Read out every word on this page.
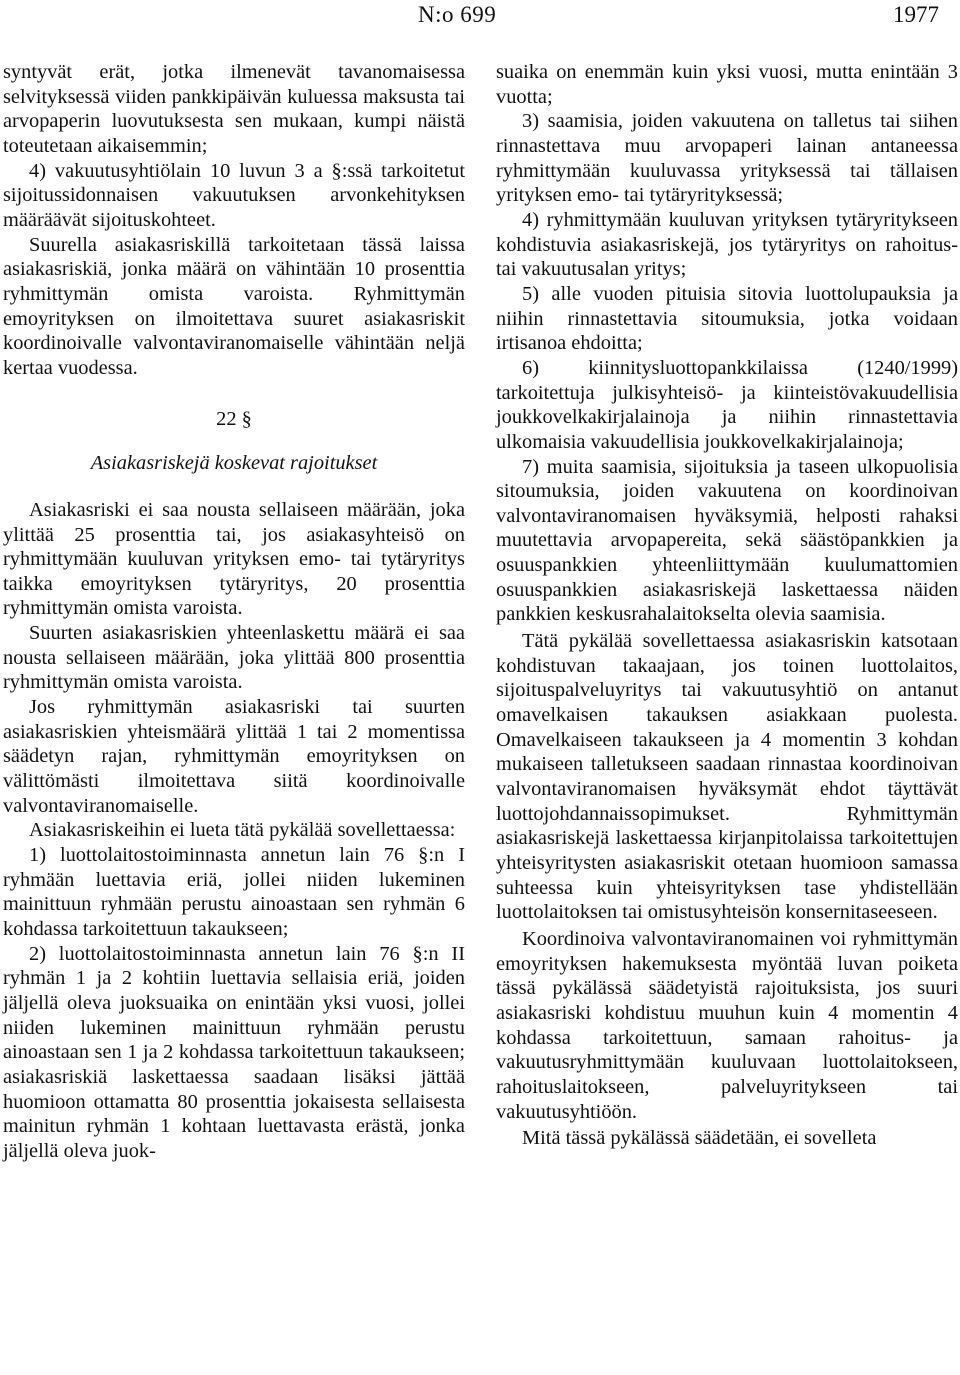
N:o 699	1977

syntyvät erät, jotka ilmenevät tavanomaisessa selvityksessä viiden pankkipäivän kuluessa maksusta tai arvopaperin luovutuksesta sen mukaan, kumpi näistä toteutetaan aikaisemmin;

4) vakuutusyhtiölain 10 luvun 3 a §:ssä tarkoitetut sijoitussidonnaisen vakuutuksen arvonkehityksen määräävät sijoituskohteet.

Suurella asiakasriskillä tarkoitetaan tässä laissa asiakasriskiä, jonka määrä on vähintään 10 prosenttia ryhmittymän omista varoista. Ryhmittymän emoyrityksen on ilmoitettava suuret asiakasriskit koordinoivalle valvontaviranomaiselle vähintään neljä kertaa vuodessa.

22 §

Asiakasriskejä koskevat rajoitukset

Asiakasriski ei saa nousta sellaiseen määrään, joka ylittää 25 prosenttia tai, jos asiakasyhteisö on ryhmittymään kuuluvan yrityksen emo- tai tytäryritys taikka emoyrityksen tytäryritys, 20 prosenttia ryhmittymän omista varoista.

Suurten asiakasriskien yhteenlaskettu määrä ei saa nousta sellaiseen määrään, joka ylittää 800 prosenttia ryhmittymän omista varoista.

Jos ryhmittymän asiakasriski tai suurten asiakasriskien yhteismäärä ylittää 1 tai 2 momentissa säädetyn rajan, ryhmittymän emoyrityksen on välittömästi ilmoitettava siitä koordinoivalle valvontaviranomaiselle.

Asiakasriskeihin ei lueta tätä pykälää sovellettaessa:

1) luottolaitostoiminnasta annetun lain 76 §:n I ryhmään luettavia eriä, jollei niiden lukeminen mainittuun ryhmään perustu ainoastaan sen ryhmän 6 kohdassa tarkoitettuun takaukseen;

2) luottolaitostoiminnasta annetun lain 76 §:n II ryhmän 1 ja 2 kohtiin luettavia sellaisia eriä, joiden jäljellä oleva juoksuaika on enintään yksi vuosi, jollei niiden lukeminen mainittuun ryhmään perustu ainoastaan sen 1 ja 2 kohdassa tarkoitettuun takaukseen; asiakasriskiä laskettaessa saadaan lisäksi jättää huomioon ottamatta 80 prosenttia jokaisesta sellaisesta mainitun ryhmän 1 kohtaan luettavasta erästä, jonka jäljellä oleva juok-

suaika on enemmän kuin yksi vuosi, mutta enintään 3 vuotta;

3) saamisia, joiden vakuutena on talletus tai siihen rinnastettava muu arvopaperi lainan antaneessa ryhmittymään kuuluvassa yrityksessä tai tällaisen yrityksen emo- tai tytäryrityksessä;

4) ryhmittymään kuuluvan yrityksen tytäryritykseen kohdistuvia asiakasriskejä, jos tytäryritys on rahoitus- tai vakuutusalan yritys;

5) alle vuoden pituisia sitovia luottolupauksia ja niihin rinnastettavia sitoumuksia, jotka voidaan irtisanoa ehdoitta;

6) kiinnitysluottopankkilaissa (1240/1999) tarkoitettuja julkisyhteisö- ja kiinteistövakuudellisia joukkovelkakirjalainoja ja niihin rinnastettavia ulkomaisia vakuudellisia joukkovelkakirjalainoja;

7) muita saamisia, sijoituksia ja taseen ulkopuolisia sitoumuksia, joiden vakuutena on koordinoivan valvontaviranomaisen hyväksymiä, helposti rahaksi muutettavia arvopapereita, sekä säästöpankkien ja osuuspankkien yhteenliittymään kuulumattomien osuuspankkien asiakasriskejä laskettaessa näiden pankkien keskusrahalaitokselta olevia saamisia.

Tätä pykälää sovellettaessa asiakasriskin katsotaan kohdistuvan takaajaan, jos toinen luottolaitos, sijoituspalveluyritys tai vakuutusyhtiö on antanut omavelkaisen takauksen asiakkaan puolesta. Omavelkaiseen takaukseen ja 4 momentin 3 kohdan mukaiseen talletukseen saadaan rinnastaa koordinoivan valvontaviranomaisen hyväksymät ehdot täyttävät luottojohdannaissopimukset. Ryhmittymän asiakasriskejä laskettaessa kirjanpitolaissa tarkoitettujen yhteisyritysten asiakasriskit otetaan huomioon samassa suhteessa kuin yhteisyrityksen tase yhdistellään luottolaitoksen tai omistusyhteisön konsernitaseeseen.

Koordinoiva valvontaviranomainen voi ryhmittymän emoyrityksen hakemuksesta myöntää luvan poiketa tässä pykälässä säädetyistä rajoituksista, jos suuri asiakasriski kohdistuu muuhun kuin 4 momentin 4 kohdassa tarkoitettuun, samaan rahoitus- ja vakuutusryhmittymään kuuluvaan luottolaitokseen, rahoituslaitokseen, palveluyritykseen tai vakuutusyhtiöön.

Mitä tässä pykälässä säädetään, ei sovelleta
